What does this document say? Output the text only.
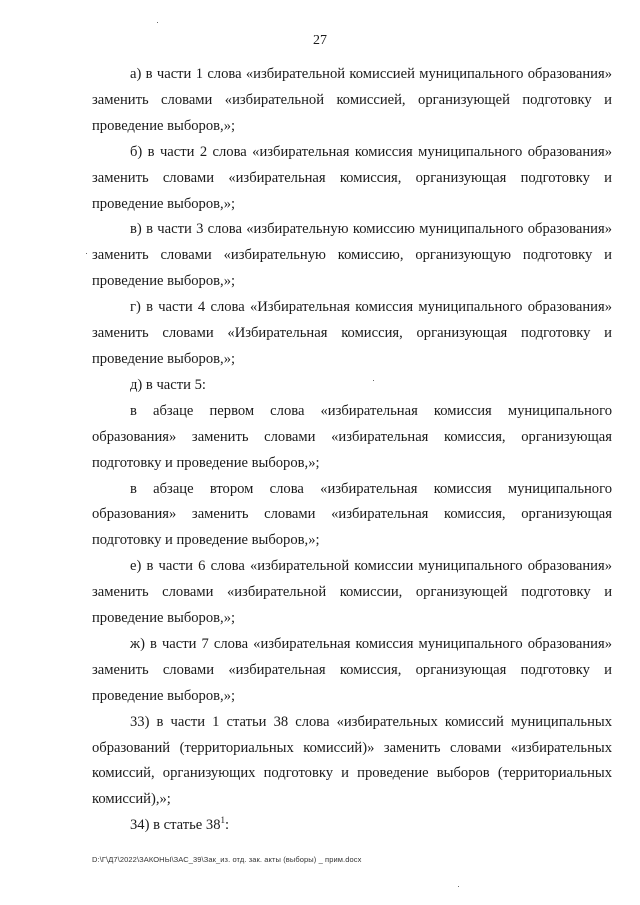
27

а) в части 1 слова «избирательной комиссией муниципального образования» заменить словами «избирательной комиссией, организующей подготовку и проведение выборов,»;

б) в части 2 слова «избирательная комиссия муниципального образования» заменить словами «избирательная комиссия, организующая подготовку и проведение выборов,»;

в) в части 3 слова «избирательную комиссию муниципального образования» заменить словами «избирательную комиссию, организующую подготовку и проведение выборов,»;

г) в части 4 слова «Избирательная комиссия муниципального образования» заменить словами «Избирательная комиссия, организующая подготовку и проведение выборов,»;

д) в части 5:

в абзаце первом слова «избирательная комиссия муниципального образования» заменить словами «избирательная комиссия, организующая подготовку и проведение выборов,»;

в абзаце втором слова «избирательная комиссия муниципального образования» заменить словами «избирательная комиссия, организующая подготовку и проведение выборов,»;

е) в части 6 слова «избирательной комиссии муниципального образования» заменить словами «избирательной комиссии, организующей подготовку и проведение выборов,»;

ж) в части 7 слова «избирательная комиссия муниципального образования» заменить словами «избирательная комиссия, организующая подготовку и проведение выборов,»;

33) в части 1 статьи 38 слова «избирательных комиссий муниципальных образований (территориальных комиссий)» заменить словами «избирательных комиссий, организующих подготовку и проведение выборов (территориальных комиссий),»;

34) в статье $38^1$:

D:\Г\Д7\2022\ЗАКОНЫ\ЗАС_39\Зак_из. отд. зак. акты (выборы) _ прим.docx
